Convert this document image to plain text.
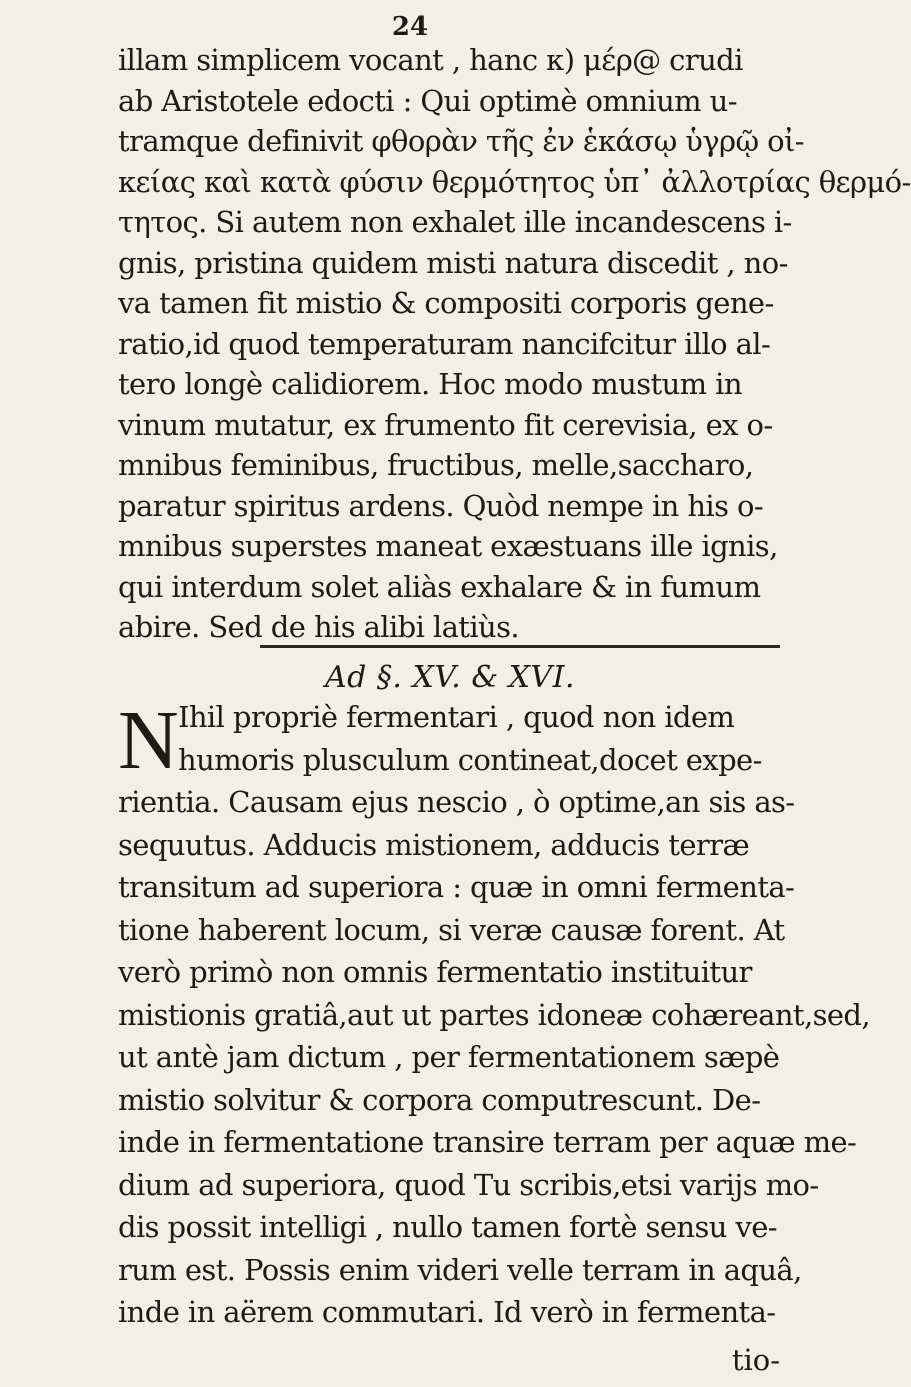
24
illam simplicem vocant , hanc κ) μέρ@ crudi
ab Aristotele edocti : Qui optimè omnium u-
tramque definivit φθορὰν τῆς ἐν ἑκάσῳ ὑγρῷ οἰ-
κείας καὶ κατὰ φύσιν θερμότητος ὑπ᾽ ἀλλοτρίας θερμό-
τητος. Si autem non exhalet ille incandescens i-
gnis, pristina quidem misti natura discedit , no-
va tamen fit mistio & compositi corporis gene-
ratio,id quod temperaturam nancifcitur illo al-
tero longè calidiorem. Hoc modo mustum in
vinum mutatur, ex frumento fit cerevisia, ex o-
mnibus feminibus, fructibus, melle,saccharo,
paratur spiritus ardens. Quòd nempe in his o-
mnibus superstes maneat exæstuans ille ignis,
qui interdum solet aliàs exhalare & in fumum
abire. Sed de his alibi latiùs.
Ad §. XV. & XVI.
N Ihil propriè fermentari , quod non idem
humoris plusculum contineat,docet expe-
rientia. Causam ejus nescio , ò optime,an sis as-
sequutus. Adducis mistionem, adducis terræ
transitum ad superiora : quæ in omni fermenta-
tione haberent locum, si veræ causæ forent. At
verò primò non omnis fermentatio instituitur
mistionis gratiâ,aut ut partes idoneæ cohæreant,sed,
ut antè jam dictum , per fermentationem sæpè
mistio solvitur & corpora computrescunt. De-
inde in fermentatione transire terram per aquæ me-
dium ad superiora, quod Tu scribis,etsi varijs mo-
dis possit intelligi , nullo tamen fortè sensu ve-
rum est. Possis enim videri velle terram in aquâ,
inde in aërem commutari. Id verò in fermenta-
tio-
